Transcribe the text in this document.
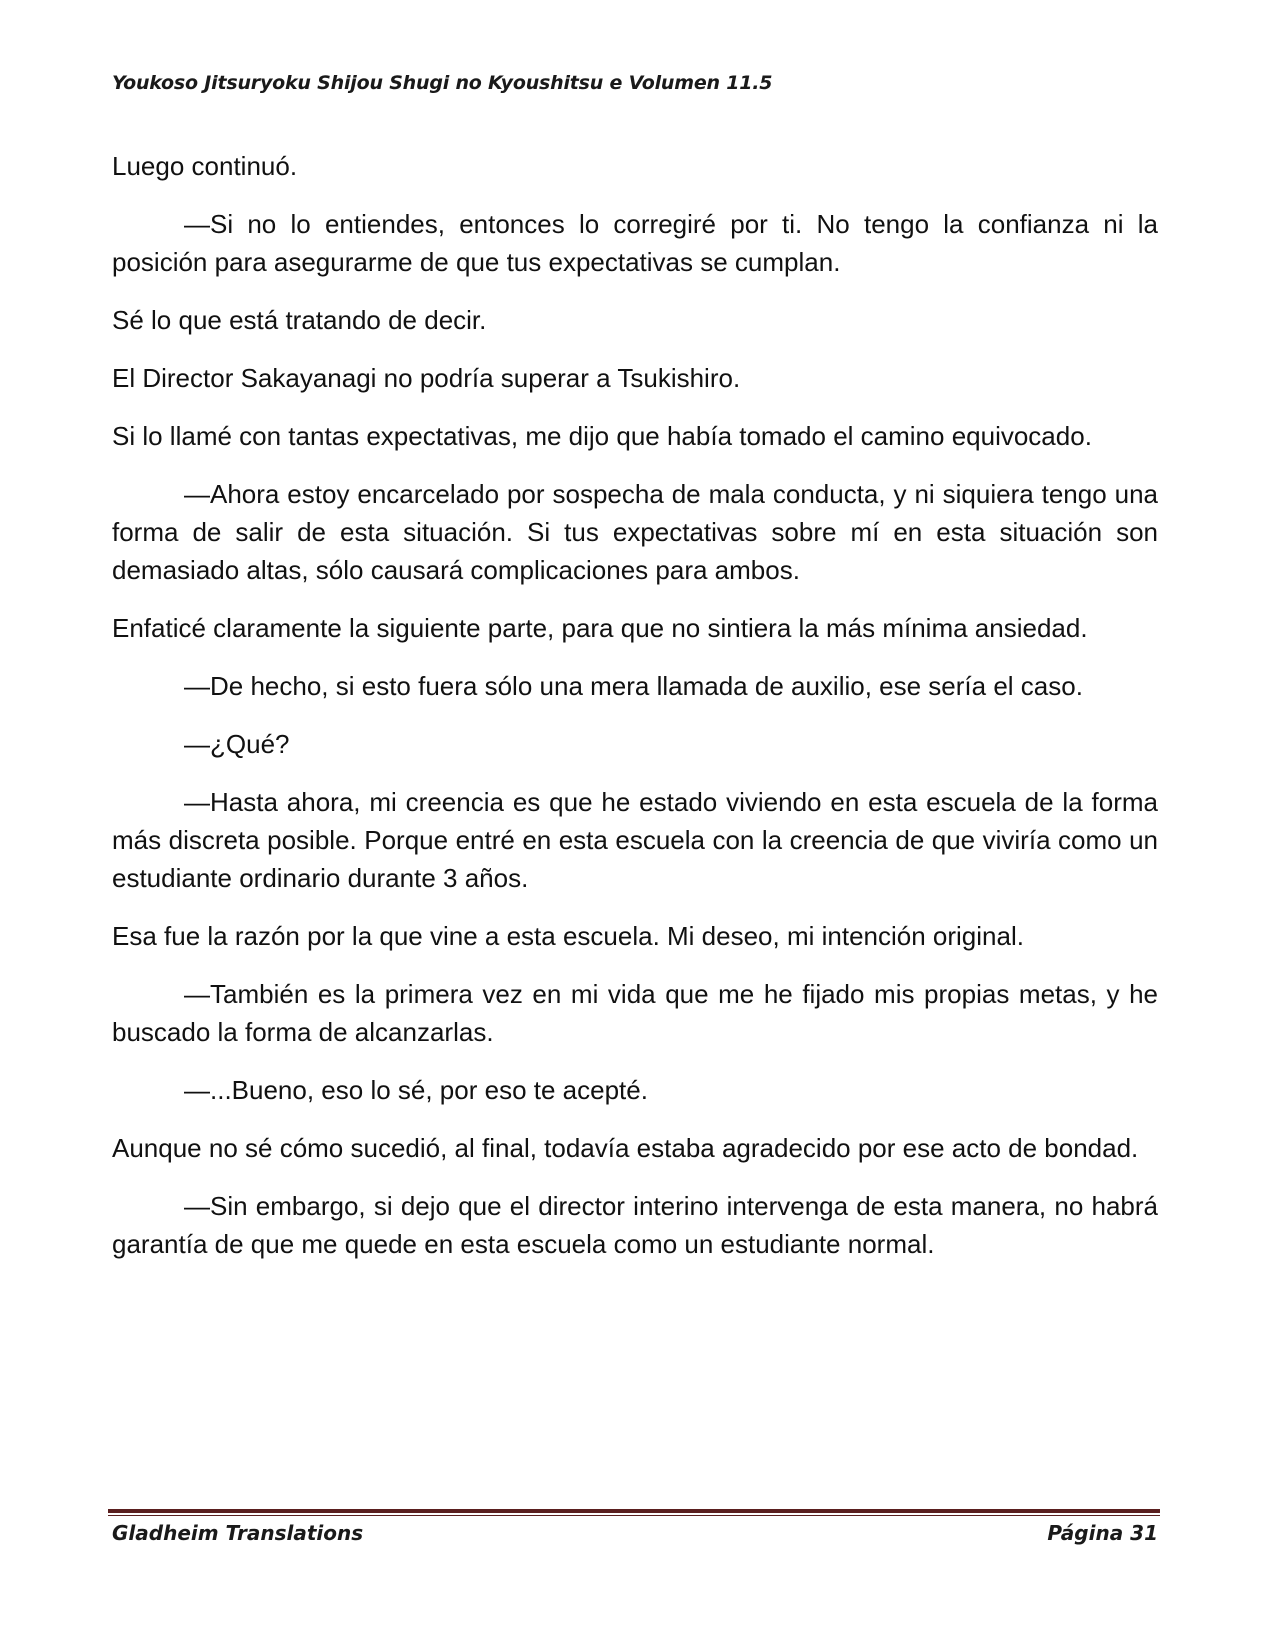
Youkoso Jitsuryoku Shijou Shugi no Kyoushitsu e Volumen 11.5

Luego continuó.

—Si no lo entiendes, entonces lo corregiré por ti. No tengo la confianza ni la posición para asegurarme de que tus expectativas se cumplan.

Sé lo que está tratando de decir.

El Director Sakayanagi no podría superar a Tsukishiro.

Si lo llamé con tantas expectativas, me dijo que había tomado el camino equivocado.

—Ahora estoy encarcelado por sospecha de mala conducta, y ni siquiera tengo una forma de salir de esta situación. Si tus expectativas sobre mí en esta situación son demasiado altas, sólo causará complicaciones para ambos.

Enfaticé claramente la siguiente parte, para que no sintiera la más mínima ansiedad.

—De hecho, si esto fuera sólo una mera llamada de auxilio, ese sería el caso.

—¿Qué?

—Hasta ahora, mi creencia es que he estado viviendo en esta escuela de la forma más discreta posible. Porque entré en esta escuela con la creencia de que viviría como un estudiante ordinario durante 3 años.

Esa fue la razón por la que vine a esta escuela. Mi deseo, mi intención original.

—También es la primera vez en mi vida que me he fijado mis propias metas, y he buscado la forma de alcanzarlas.

—...Bueno, eso lo sé, por eso te acepté.

Aunque no sé cómo sucedió, al final, todavía estaba agradecido por ese acto de bondad.

—Sin embargo, si dejo que el director interino intervenga de esta manera, no habrá garantía de que me quede en esta escuela como un estudiante normal.

Gladheim Translations	Página 31
